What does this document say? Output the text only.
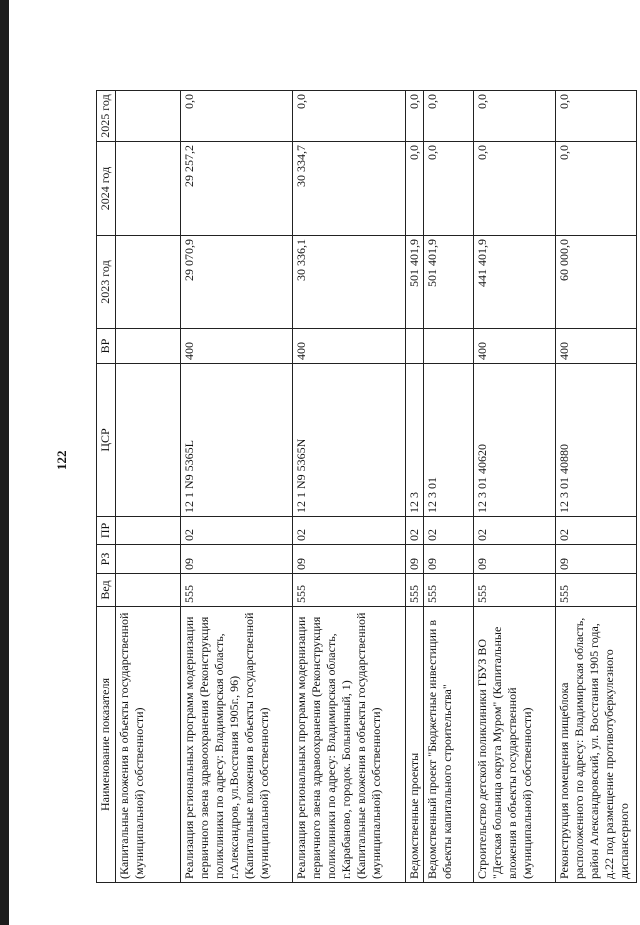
122
Наименование показателя	Вед	РЗ	ПР	ЦСР	ВР	2023 год	2024 год	2025 год
(Капитальные вложения в объекты государственной (муниципальной) собственности)								
Реализация региональных программ модернизации первичного звена здравоохранения (Реконструкция поликлиники по адресу: Владимирская область, г.Александров, ул.Восстания 1905г., 96) (Капитальные вложения в объекты государственной (муниципальной) собственности)	555	09	02	12 1 N9 5365L	400	29 070,9	29 257,2	0,0
Реализация региональных программ модернизации первичного звена здравоохранения (Реконструкция поликлиники по адресу: Владимирская область, г.Карабаново, городок. Больничный, 1) (Капитальные вложения в объекты государственной (муниципальной) собственности)	555	09	02	12 1 N9 5365N	400	30 336,1	30 334,7	0,0
Ведомственные проекты	555	09	02	12 3		501 401,9	0,0	0,0
Ведомственный проект "Бюджетные инвестиции в объекты капитального строительства"	555	09	02	12 3 01		501 401,9	0,0	0,0
Строительство детской поликлиники ГБУЗ ВО "Детская больница округа Муром" (Капитальные вложения в объекты государственной (муниципальной) собственности)	555	09	02	12 3 01 40620	400	441 401,9	0,0	0,0
Реконструкция помещения пищеблока расположенного по адресу: Владимирская область, район Александровский, ул. Восстания 1905 года, д.22 под размещение противотуберкулезного диспансерного	555	09	02	12 3 01 40880	400	60 000,0	0,0	0,0
